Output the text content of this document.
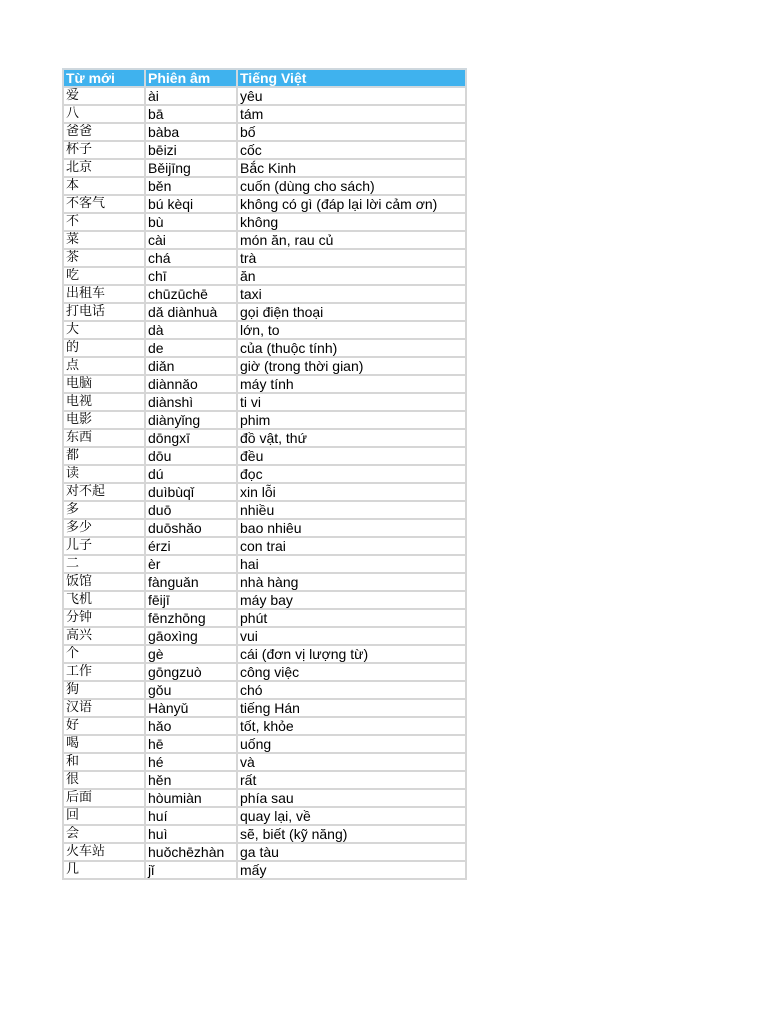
Từ mới	Phiên âm	Tiếng Việt
爱	ài	yêu
八	bā	tám
爸爸	bàba	bố
杯子	bēizi	cốc
北京	Běijīng	Bắc Kinh
本	běn	cuốn (dùng cho sách)
不客气	bú kèqi	không có gì (đáp lại lời cảm ơn)
不	bù	không
菜	cài	món ăn, rau củ
茶	chá	trà
吃	chī	ăn
出租车	chūzūchē	taxi
打电话	dǎ diànhuà	gọi điện thoại
大	dà	lớn, to
的	de	của (thuộc tính)
点	diǎn	giờ (trong thời gian)
电脑	diànnǎo	máy tính
电视	diànshì	ti vi
电影	diànyǐng	phim
东西	dōngxī	đồ vật, thứ
都	dōu	đều
读	dú	đọc
对不起	duìbùqǐ	xin lỗi
多	duō	nhiều
多少	duōshǎo	bao nhiêu
儿子	érzi	con trai
二	èr	hai
饭馆	fànguǎn	nhà hàng
飞机	fēijī	máy bay
分钟	fēnzhōng	phút
高兴	gāoxìng	vui
个	gè	cái (đơn vị lượng từ)
工作	gōngzuò	công việc
狗	gǒu	chó
汉语	Hànyǔ	tiếng Hán
好	hǎo	tốt, khỏe
喝	hē	uống
和	hé	và
很	hěn	rất
后面	hòumiàn	phía sau
回	huí	quay lại, về
会	huì	sẽ, biết (kỹ năng)
火车站	huǒchēzhàn	ga tàu
几	jǐ	mấy
